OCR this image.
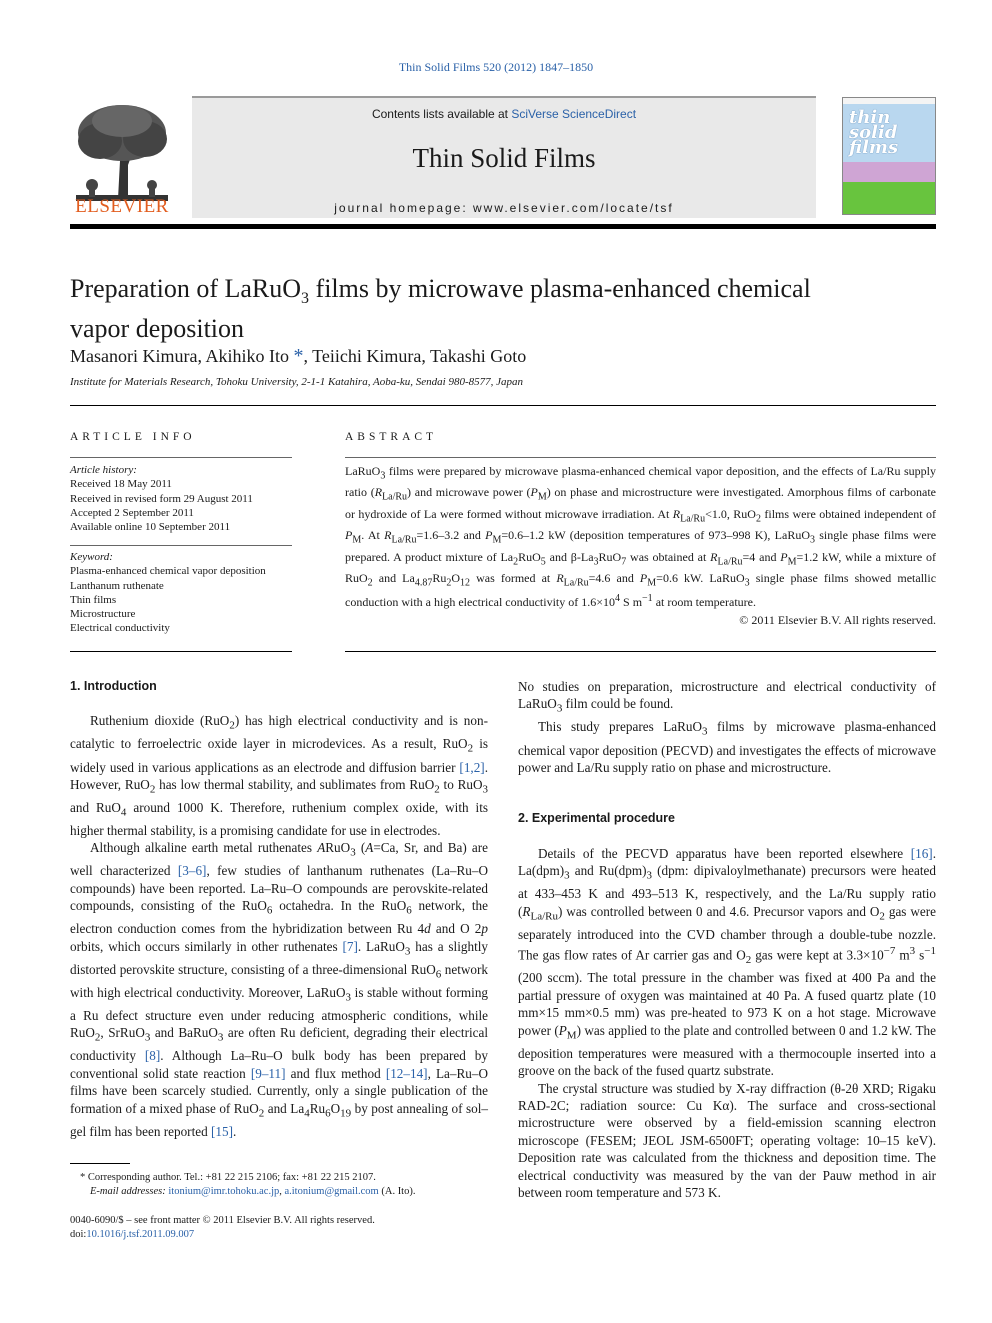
Thin Solid Films 520 (2012) 1847–1850
ELSEVIER
Contents lists available at SciVerse ScienceDirect
Thin Solid Films
journal homepage: www.elsevier.com/locate/tsf
thin solid films
Preparation of LaRuO$_3$ films by microwave plasma-enhanced chemical vapor deposition
Masanori Kimura, Akihiko Ito *, Teiichi Kimura, Takashi Goto
Institute for Materials Research, Tohoku University, 2-1-1 Katahira, Aoba-ku, Sendai 980-8577, Japan
ARTICLE INFO	ABSTRACT
Article history:
Received 18 May 2011
Received in revised form 29 August 2011
Accepted 2 September 2011
Available online 10 September 2011
Keyword:
Plasma-enhanced chemical vapor deposition
Lanthanum ruthenate
Thin films
Microstructure
Electrical conductivity
LaRuO$_3$ films were prepared by microwave plasma-enhanced chemical vapor deposition, and the effects of La/Ru supply ratio $(R_{La/Ru})$ and microwave power $(P_M)$ on phase and microstructure were investigated. Amorphous films of carbonate or hydroxide of La were formed without microwave irradiation. At $R_{La/Ru}<1.0$, RuO$_2$ films were obtained independent of $P_M$. At $R_{La/Ru}=1.6-3.2$ and $P_M=0.6-1.2$ kW (deposition temperatures of 973–998 K), LaRuO$_3$ single phase films were prepared. A product mixture of $La_2RuO_5$ and $\beta-La_3RuO_7$ was obtained at $R_{La/Ru}=4$ and $P_M=1.2$ kW, while a mixture of RuO$_2$ and $La_{4.87}Ru_2O_{12}$ was formed at $R_{La/Ru}=4.6$ and $P_M=0.6$ kW. LaRuO$_3$ single phase films showed metallic conduction with a high electrical conductivity of $1.6\times 10^4$ S $m^{-1}$ at room temperature.
© 2011 Elsevier B.V. All rights reserved.

1. Introduction

Ruthenium dioxide (RuO$_2$) has high electrical conductivity and is non-catalytic to ferroelectric oxide layer in microdevices. As a result, RuO$_2$ is widely used in various applications as an electrode and diffusion barrier [1,2]. However, RuO$_2$ has low thermal stability, and sublimates from RuO$_2$ to RuO$_3$ and RuO$_4$ around 1000 K. Therefore, ruthenium complex oxide, with its higher thermal stability, is a promising candidate for use in electrodes.

Although alkaline earth metal ruthenates ARuO$_3$ (A=Ca, Sr, and Ba) are well characterized [3–6], few studies of lanthanum ruthenates (La–Ru–O compounds) have been reported. La–Ru–O compounds are perovskite-related compounds, consisting of the RuO$_6$ octahedra. In the RuO$_6$ network, the electron conduction comes from the hybridization between Ru 4d and O 2p orbits, which occurs similarly in other ruthenates [7]. LaRuO$_3$ has a slightly distorted perovskite structure, consisting of a three-dimensional RuO$_6$ network with high electrical conductivity. Moreover, LaRuO$_3$ is stable without forming a Ru defect structure even under reducing atmospheric conditions, while RuO$_2$, SrRuO$_3$ and BaRuO$_3$ are often Ru deficient, degrading their electrical conductivity [8]. Although La–Ru–O bulk body has been prepared by conventional solid state reaction [9–11] and flux method [12–14], La–Ru–O films have been scarcely studied. Currently, only a single publication of the formation of a mixed phase of RuO$_2$ and $La_4Ru_6O_{19}$ by post annealing of sol–gel film has been reported [15].

No studies on preparation, microstructure and electrical conductivity of LaRuO$_3$ film could be found.

This study prepares LaRuO$_3$ films by microwave plasma-enhanced chemical vapor deposition (PECVD) and investigates the effects of microwave power and La/Ru supply ratio on phase and microstructure.

2. Experimental procedure

Details of the PECVD apparatus have been reported elsewhere [16]. $La(dpm)_3$ and $Ru(dpm)_3$ (dpm: dipivaloylmethanate) precursors were heated at 433–453 K and 493–513 K, respectively, and the La/Ru supply ratio $(R_{La/Ru})$ was controlled between 0 and 4.6. Precursor vapors and $O_2$ gas were separately introduced into the CVD chamber through a double-tube nozzle. The gas flow rates of Ar carrier gas and $O_2$ gas were kept at $3.3\times 10^{-7}$ $m^3$ $s^{-1}$ (200 sccm). The total pressure in the chamber was fixed at 400 Pa and the partial pressure of oxygen was maintained at 40 Pa. A fused quartz plate (10 mm×15 mm×0.5 mm) was pre-heated to 973 K on a hot stage. Microwave power $(P_M)$ was applied to the plate and controlled between 0 and 1.2 kW. The deposition temperatures were measured with a thermocouple inserted into a groove on the back of the fused quartz substrate.

The crystal structure was studied by X-ray diffraction (θ-2θ XRD; Rigaku RAD-2C; radiation source: Cu Kα). The surface and cross-sectional microstructure were observed by a field-emission scanning electron microscope (FESEM; JEOL JSM-6500FT; operating voltage: 10–15 keV). Deposition rate was calculated from the thickness and deposition time. The electrical conductivity was measured by the van der Pauw method in air between room temperature and 573 K.

* Corresponding author. Tel.: +81 22 215 2106; fax: +81 22 215 2107.
E-mail addresses: itonium@imr.tohoku.ac.jp, a.itonium@gmail.com (A. Ito).
0040-6090/$ – see front matter © 2011 Elsevier B.V. All rights reserved.
doi:10.1016/j.tsf.2011.09.007
